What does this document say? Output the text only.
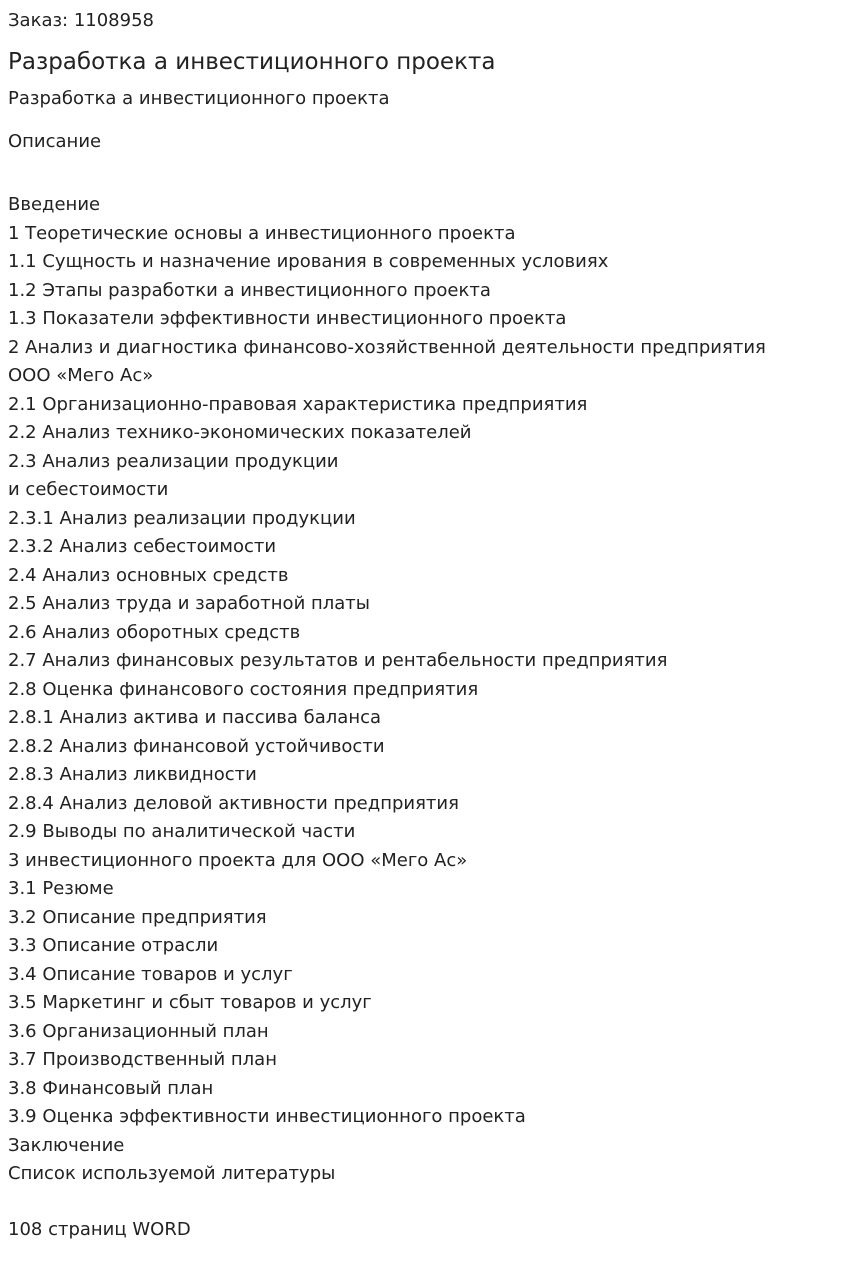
Заказ: 1108958

Разработка а инвестиционного проекта

Разработка а инвестиционного проекта

Описание

Введение
1 Теоретические основы а инвестиционного проекта
1.1 Сущность и назначение ирования в современных условиях
1.2 Этапы разработки а инвестиционного проекта
1.3 Показатели эффективности инвестиционного проекта
2 Анализ и диагностика финансово-хозяйственной деятельности предприятия
ООО «Мего Ас»
2.1 Организационно-правовая характеристика предприятия
2.2 Анализ технико-экономических показателей
2.3 Анализ реализации продукции
и себестоимости
2.3.1 Анализ реализации продукции
2.3.2 Анализ себестоимости
2.4 Анализ основных средств
2.5 Анализ труда и заработной платы
2.6 Анализ оборотных средств
2.7 Анализ финансовых результатов и рентабельности предприятия
2.8 Оценка финансового состояния предприятия
2.8.1 Анализ актива и пассива баланса
2.8.2 Анализ финансовой устойчивости
2.8.3 Анализ ликвидности
2.8.4 Анализ деловой активности предприятия
2.9 Выводы по аналитической части
3 инвестиционного проекта для ООО «Мего Ас»
3.1 Резюме
3.2 Описание предприятия
3.3 Описание отрасли
3.4 Описание товаров и услуг
3.5 Маркетинг и сбыт товаров и услуг
3.6 Организационный план
3.7 Производственный план
3.8 Финансовый план
3.9 Оценка эффективности инвестиционного проекта
Заключение
Список используемой литературы

108 страниц WORD
